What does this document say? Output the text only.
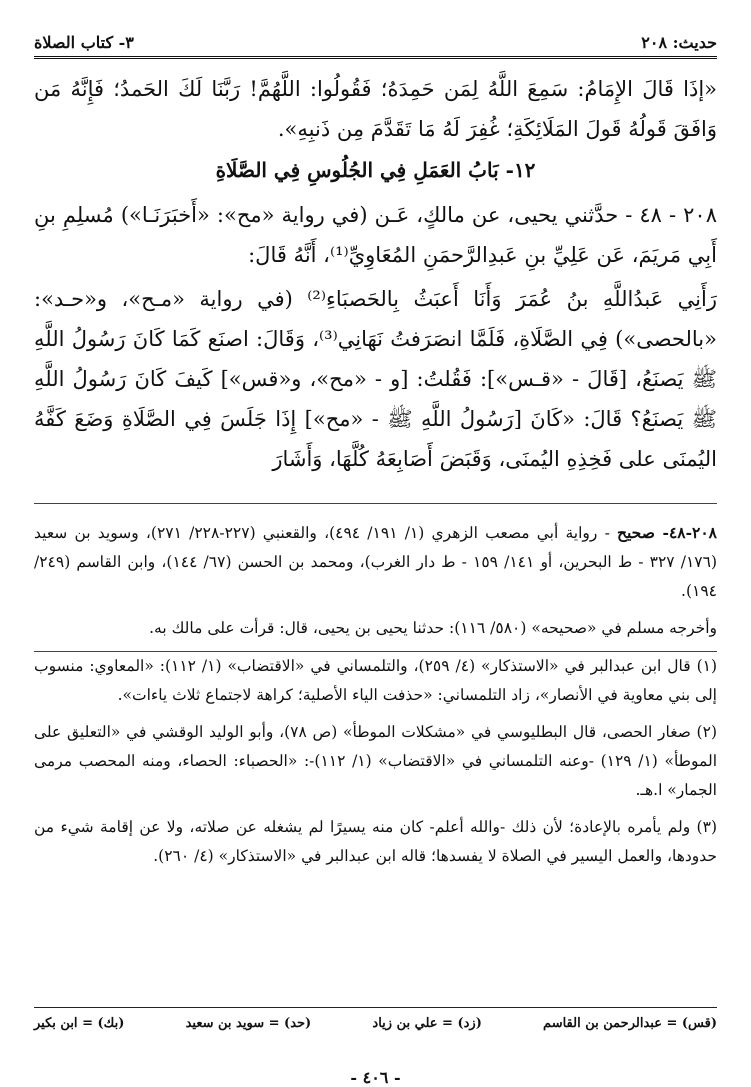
حديث: ٢٠٨
٣- كتاب الصلاة

«إذَا قَالَ الإِمَامُ: سَمِعَ اللَّهُ لِمَن حَمِدَهُ؛ فَقُولُوا: اللَّهُمَّ! رَبَّنَا لَكَ الحَمدُ؛ فَإِنَّهُ مَن وَافَقَ قَولُهُ قَولَ المَلَائِكَةِ؛ غُفِرَ لَهُ مَا تَقَدَّمَ مِن ذَنبِهِ».

١٢- بَابُ العَمَلِ فِي الجُلُوسِ فِي الصَّلَاةِ

٢٠٨ - ٤٨ - حدَّثني يحيى، عن مالكٍ، عَـن (في رواية «مح»: «أَخبَرَنَـا») مُسلِمِ بنِ أَبِي مَريَمَ، عَن عَلِيِّ بنِ عَبدِالرَّحمَنِ المُعَاوِيِّ⁽¹⁾، أَنَّهُ قَالَ:

رَأَنِي عَبدُاللَّهِ بنُ عُمَرَ وَأَنَا أَعبَثُ بِالحَصبَاءِ⁽²⁾ (في رواية «مـح»، و«حـد»: «بالحصى») فِي الصَّلَاةِ، فَلَمَّا انصَرَفتُ نَهَانِي⁽³⁾، وَقَالَ: اصنَع كَمَا كَانَ رَسُولُ اللَّهِ ﷺ يَصنَعُ، [قَالَ - «قـس»]: فَقُلتُ: [و - «مح»، و«قس»] كَيفَ كَانَ رَسُولُ اللَّهِ ﷺ يَصنَعُ؟ قَالَ: «كَانَ [رَسُولُ اللَّهِ ﷺ - «مح»] إِذَا جَلَسَ فِي الصَّلَاةِ وَضَعَ كَفَّهُ اليُمنَى على فَخِذِهِ اليُمنَى، وَقَبَضَ أَصَابِعَهُ كُلَّهَا، وَأَشَارَ

٢٠٨-٤٨- صحيح - رواية أبي مصعب الزهري (١/ ١٩١/ ٤٩٤)، والقعنبي (٢٢٧-٢٢٨/ ٢٧١)، وسويد بن سعيد (١٧٦/ ٣٢٧ - ط البحرين، أو ١٤١/ ١٥٩ - ط دار الغرب)، ومحمد بن الحسن (٦٧/ ١٤٤)، وابن القاسم (٢٤٩/ ١٩٤).

وأخرجه مسلم في «صحيحه» (٥٨٠/ ١١٦): حدثنا يحيى بن يحيى، قال: قرأت على مالك به.

(١) قال ابن عبدالبر في «الاستذكار» (٤/ ٢٥٩)، والتلمساني في «الاقتضاب» (١/ ١١٢): «المعاوي: منسوب إلى بني معاوية في الأنصار»، زاد التلمساني: «حذفت الياء الأصلية؛ كراهة لاجتماع ثلاث ياءات».

(٢) صغار الحصى، قال البطليوسي في «مشكلات الموطأ» (ص ٧٨)، وأبو الوليد الوقشي في «التعليق على الموطأ» (١/ ١٢٩) -وعنه التلمساني في «الاقتضاب» (١/ ١١٢)-: «الحصباء: الحصاء، ومنه المحصب مرمى الجمار» ا.هـ.

(٣) ولم يأمره بالإعادة؛ لأن ذلك -والله أعلم- كان منه يسيرًا لم يشغله عن صلاته، ولا عن إقامة شيء من حدودها، والعمل اليسير في الصلاة لا يفسدها؛ قاله ابن عبدالبر في «الاستذكار» (٤/ ٢٦٠).

(قس) = عبدالرحمن بن القاسم
(زد) = علي بن زياد
(حد) = سويد بن سعيد
(بك) = ابن بكير
- ٤٠٦ -
